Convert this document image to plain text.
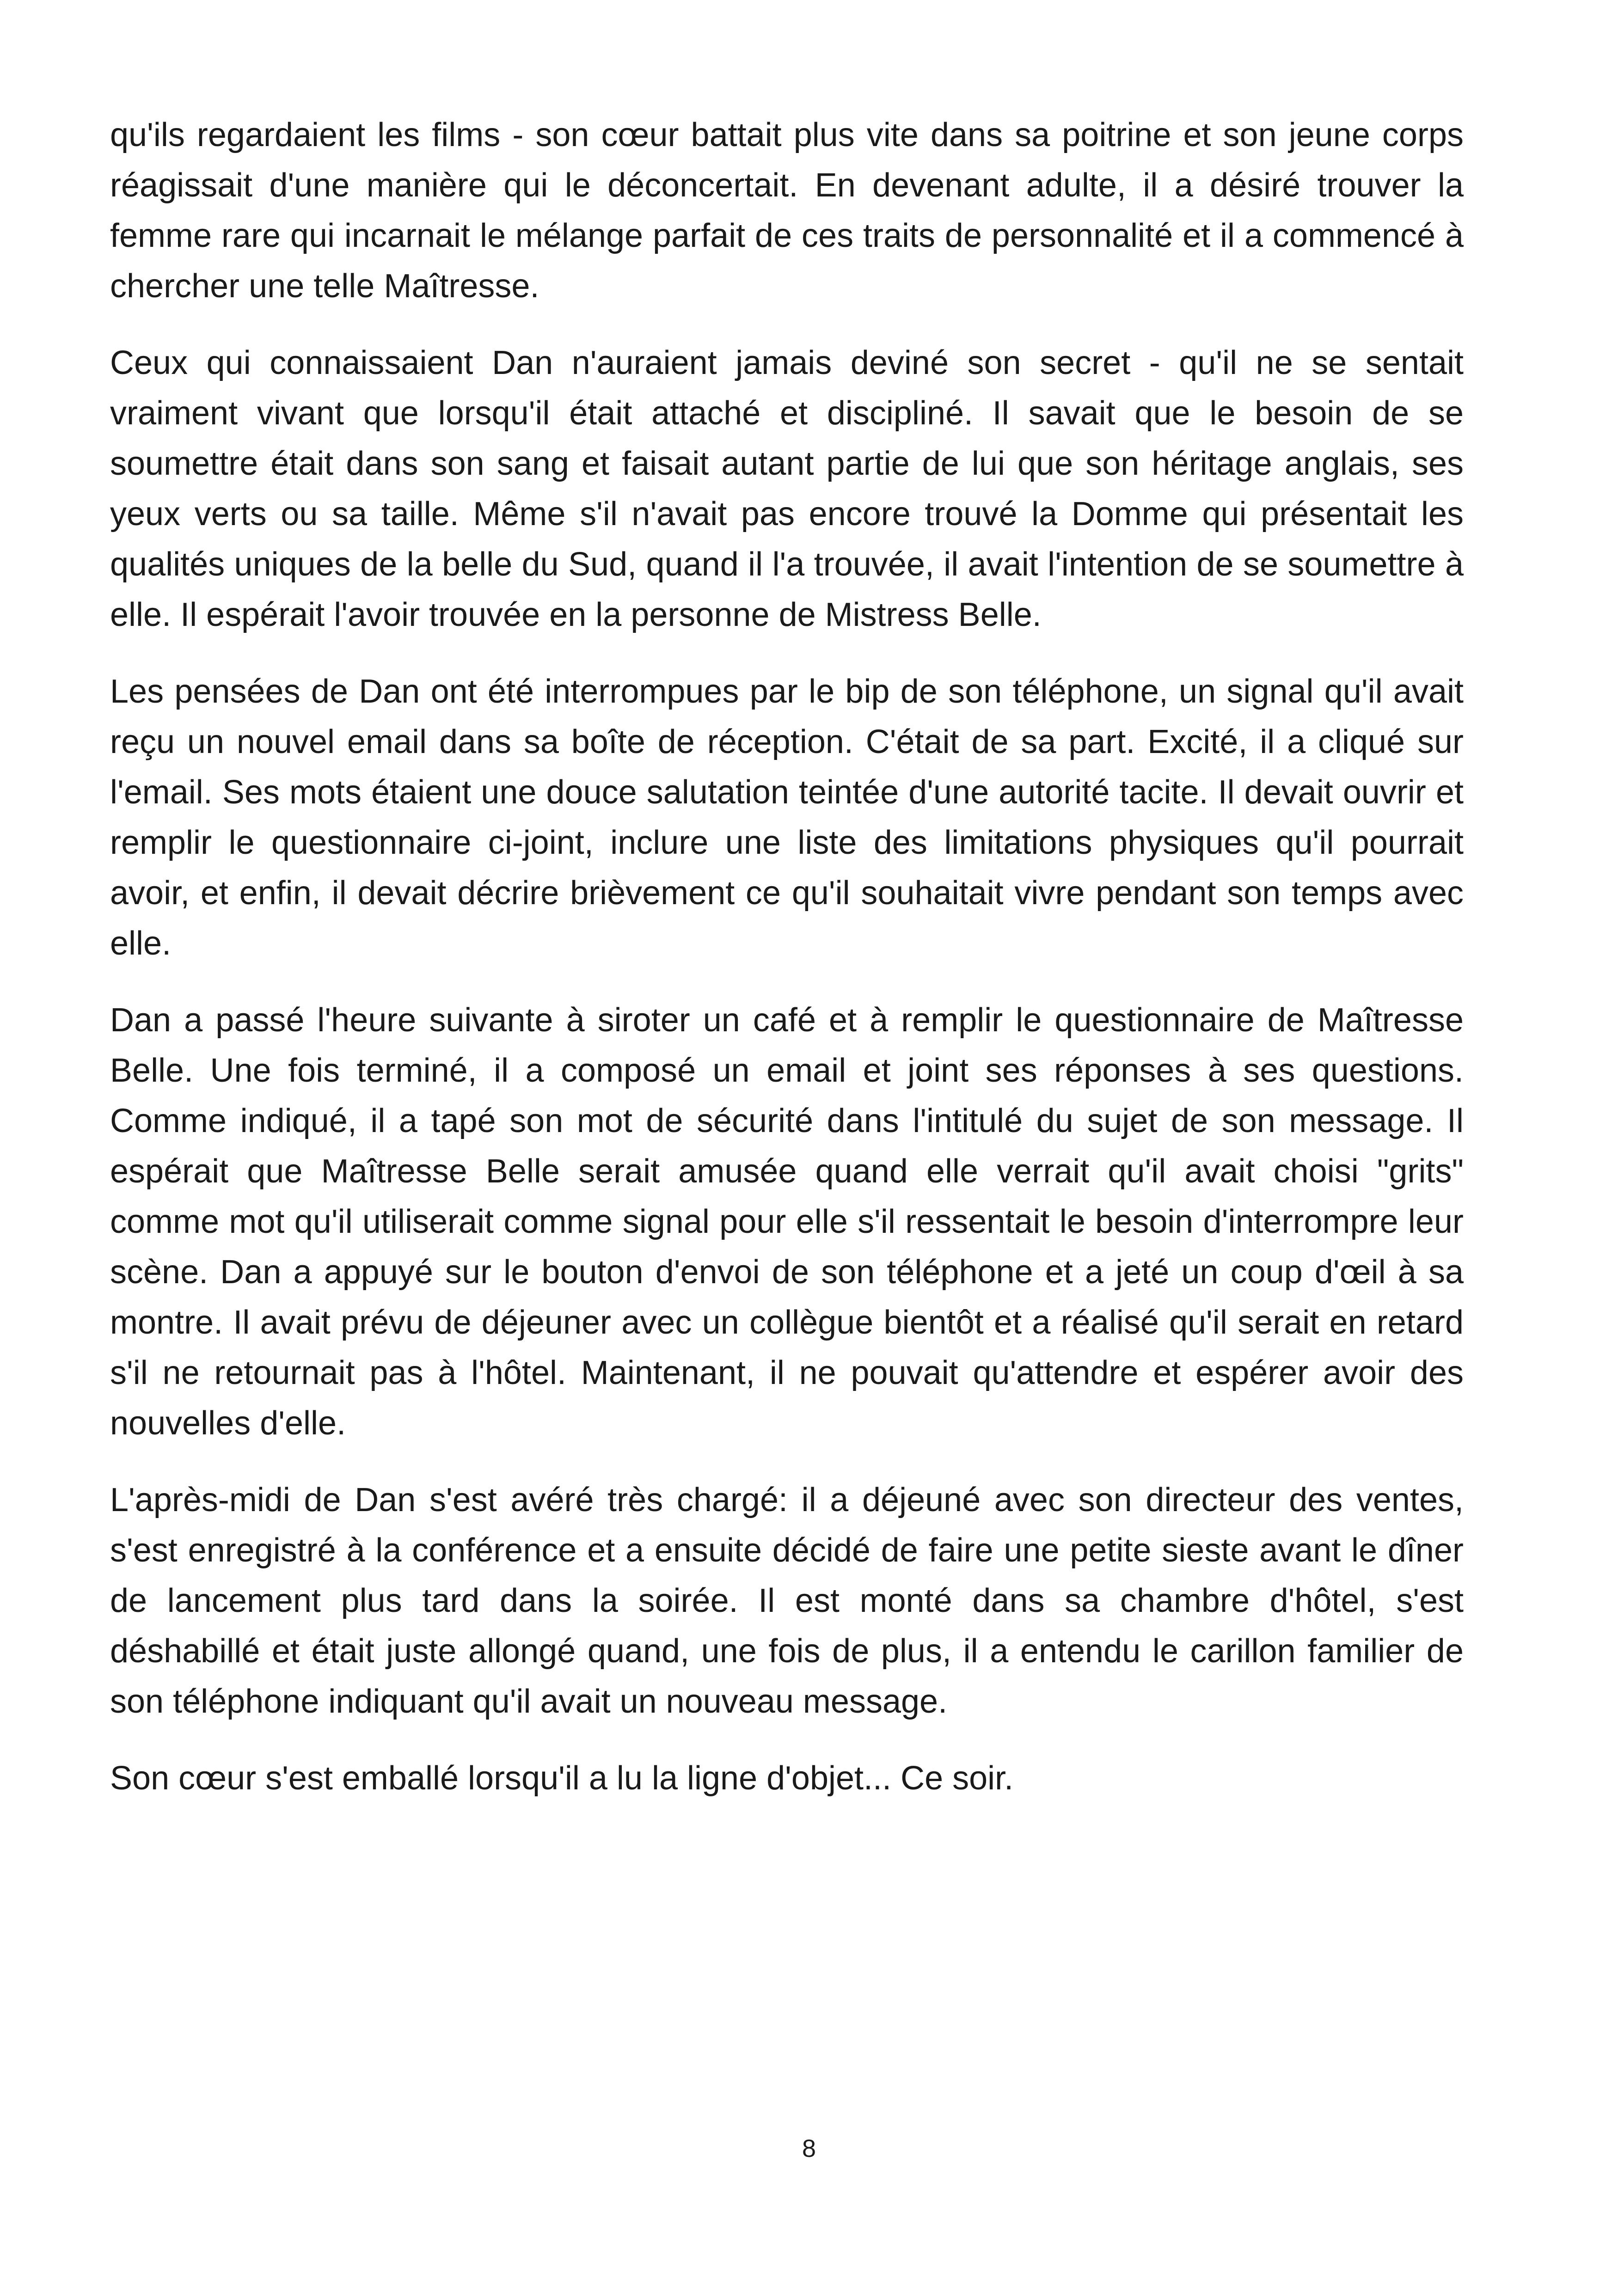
qu'ils regardaient les films - son cœur battait plus vite dans sa poitrine et son jeune corps réagissait d'une manière qui le déconcertait. En devenant adulte, il a désiré trouver la femme rare qui incarnait le mélange parfait de ces traits de personnalité et il a commencé à chercher une telle Maîtresse.

Ceux qui connaissaient Dan n'auraient jamais deviné son secret - qu'il ne se sentait vraiment vivant que lorsqu'il était attaché et discipliné. Il savait que le besoin de se soumettre était dans son sang et faisait autant partie de lui que son héritage anglais, ses yeux verts ou sa taille. Même s'il n'avait pas encore trouvé la Domme qui présentait les qualités uniques de la belle du Sud, quand il l'a trouvée, il avait l'intention de se soumettre à elle. Il espérait l'avoir trouvée en la personne de Mistress Belle.

Les pensées de Dan ont été interrompues par le bip de son téléphone, un signal qu'il avait reçu un nouvel email dans sa boîte de réception. C'était de sa part. Excité, il a cliqué sur l'email. Ses mots étaient une douce salutation teintée d'une autorité tacite. Il devait ouvrir et remplir le questionnaire ci-joint, inclure une liste des limitations physiques qu'il pourrait avoir, et enfin, il devait décrire brièvement ce qu'il souhaitait vivre pendant son temps avec elle.

Dan a passé l'heure suivante à siroter un café et à remplir le questionnaire de Maîtresse Belle. Une fois terminé, il a composé un email et joint ses réponses à ses questions. Comme indiqué, il a tapé son mot de sécurité dans l'intitulé du sujet de son message. Il espérait que Maîtresse Belle serait amusée quand elle verrait qu'il avait choisi "grits" comme mot qu'il utiliserait comme signal pour elle s'il ressentait le besoin d'interrompre leur scène. Dan a appuyé sur le bouton d'envoi de son téléphone et a jeté un coup d'œil à sa montre. Il avait prévu de déjeuner avec un collègue bientôt et a réalisé qu'il serait en retard s'il ne retournait pas à l'hôtel. Maintenant, il ne pouvait qu'attendre et espérer avoir des nouvelles d'elle.

L'après-midi de Dan s'est avéré très chargé: il a déjeuné avec son directeur des ventes, s'est enregistré à la conférence et a ensuite décidé de faire une petite sieste avant le dîner de lancement plus tard dans la soirée. Il est monté dans sa chambre d'hôtel, s'est déshabillé et était juste allongé quand, une fois de plus, il a entendu le carillon familier de son téléphone indiquant qu'il avait un nouveau message.

Son cœur s'est emballé lorsqu'il a lu la ligne d'objet... Ce soir.

8
